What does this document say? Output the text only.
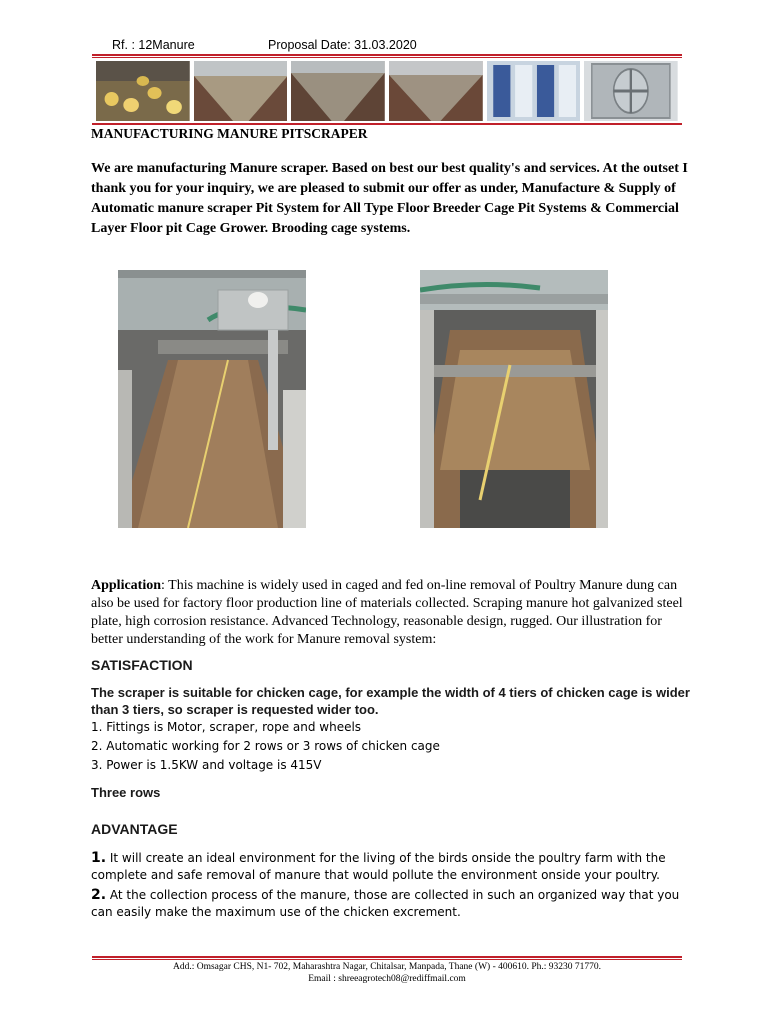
Rf. : 12Manure	Proposal Date: 31.03.2020
MANUFACTURING MANURE PITSCRAPER
We are manufacturing Manure scraper. Based on best our best quality's and services. At the outset I thank you for your inquiry, we are pleased to submit our offer as under, Manufacture & Supply of Automatic manure scraper Pit System for All Type Floor Breeder Cage Pit Systems & Commercial Layer Floor pit Cage Grower. Brooding cage systems.
Application: This machine is widely used in caged and fed on-line removal of Poultry Manure dung can also be used for factory floor production line of materials collected. Scraping manure hot galvanized steel plate, high corrosion resistance. Advanced Technology, reasonable design, rugged. Our illustration for better understanding of the work for Manure removal system:
SATISFACTION
The scraper is suitable for chicken cage, for example the width of 4 tiers of chicken cage is wider than 3 tiers, so scraper is requested wider too.
1. Fittings is Motor, scraper, rope and wheels
2. Automatic working for 2 rows or 3 rows of chicken cage
3. Power is 1.5KW and voltage is 415V
Three rows
ADVANTAGE
1. It will create an ideal environment for the living of the birds onside the poultry farm with the complete and safe removal of manure that would pollute the environment onside your poultry.
2. At the collection process of the manure, those are collected in such an organized way that you can easily make the maximum use of the chicken excrement.
Add.: Omsagar CHS, N1- 702, Maharashtra Nagar, Chitalsar, Manpada, Thane (W) - 400610. Ph.: 93230 71770.
Email : shreeagrotech08@rediffmail.com
